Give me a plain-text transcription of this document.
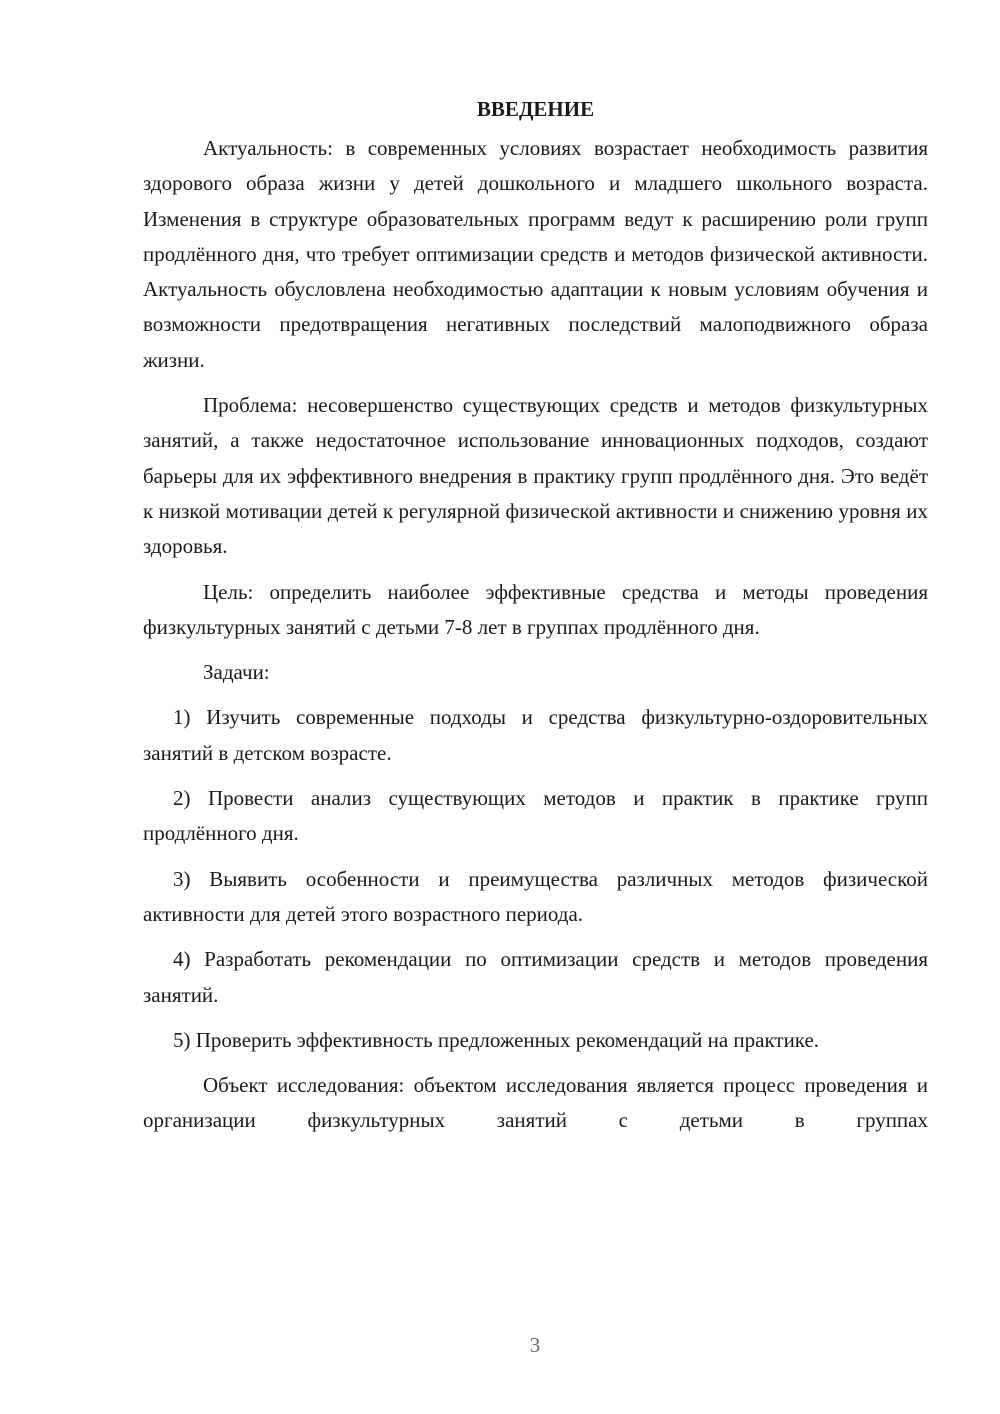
ВВЕДЕНИЕ

Актуальность: в современных условиях возрастает необходимость развития здорового образа жизни у детей дошкольного и младшего школьного возраста. Изменения в структуре образовательных программ ведут к расширению роли групп продлённого дня, что требует оптимизации средств и методов физической активности. Актуальность обусловлена необходимостью адаптации к новым условиям обучения и возможности предотвращения негативных последствий малоподвижного образа жизни.

Проблема: несовершенство существующих средств и методов физкультурных занятий, а также недостаточное использование инновационных подходов, создают барьеры для их эффективного внедрения в практику групп продлённого дня. Это ведёт к низкой мотивации детей к регулярной физической активности и снижению уровня их здоровья.

Цель: определить наиболее эффективные средства и методы проведения физкультурных занятий с детьми 7-8 лет в группах продлённого дня.

Задачи:

1) Изучить современные подходы и средства физкультурно-оздоровительных занятий в детском возрасте.

2) Провести анализ существующих методов и практик в практике групп продлённого дня.

3) Выявить особенности и преимущества различных методов физической активности для детей этого возрастного периода.

4) Разработать рекомендации по оптимизации средств и методов проведения занятий.

5) Проверить эффективность предложенных рекомендаций на практике.

Объект исследования: объектом исследования является процесс проведения и организации физкультурных занятий с детьми в группах

3
